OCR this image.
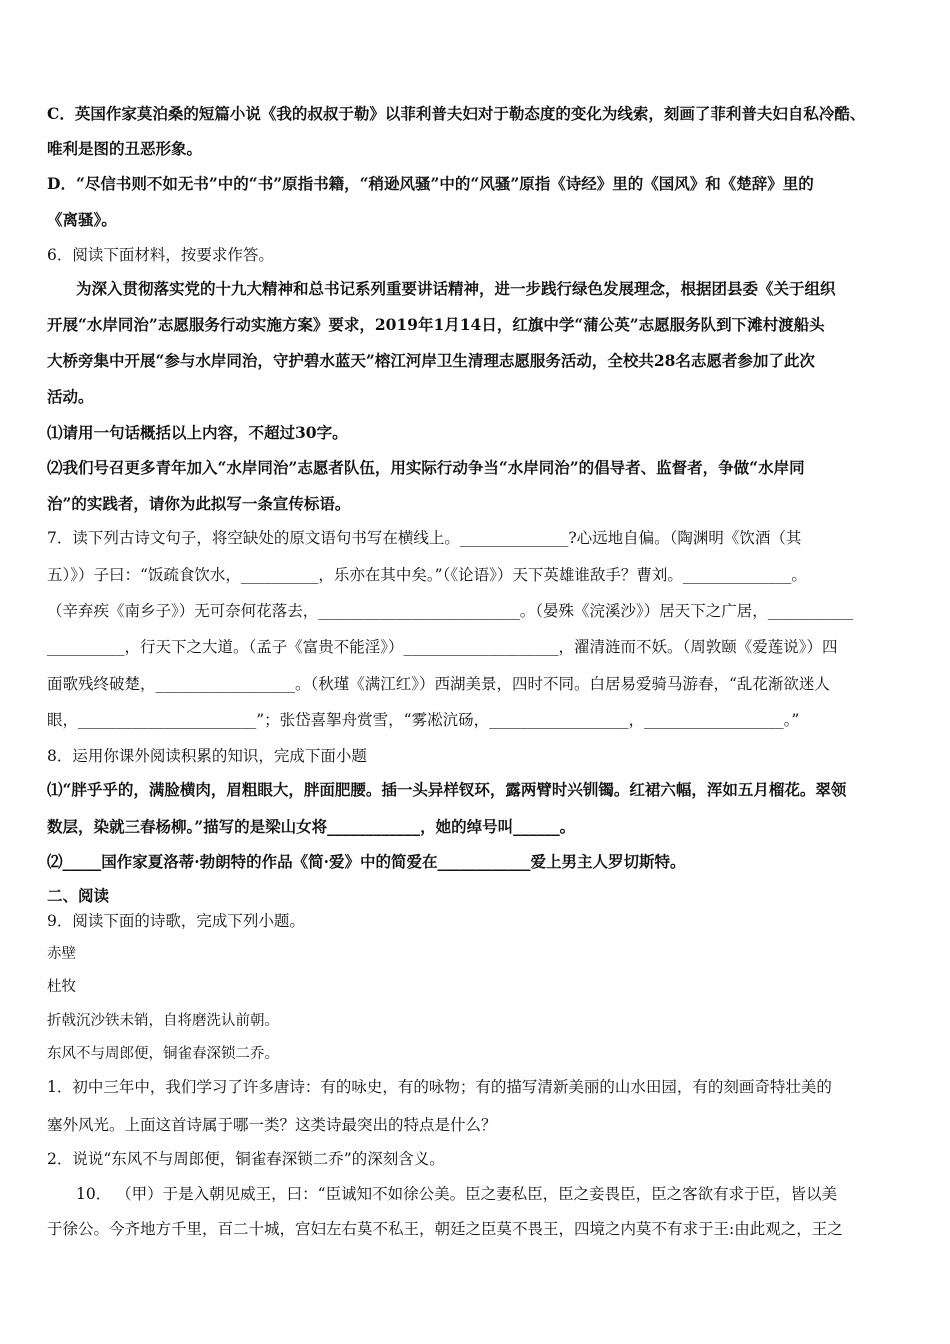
C．英国作家莫泊桑的短篇小说《我的叔叔于勒》以菲利普夫妇对于勒态度的变化为线索，刻画了菲利普夫妇自私冷酷、
唯利是图的丑恶形象。
D．“尽信书则不如无书”中的“书”原指书籍，“稍逊风骚”中的“风骚”原指《诗经》里的《国风》和《楚辞》里的
《离骚》。
6．阅读下面材料，按要求作答。
为深入贯彻落实党的十九大精神和总书记系列重要讲话精神，进一步践行绿色发展理念，根据团县委《关于组织
开展“水岸同治”志愿服务行动实施方案》要求，2019年1月14日，红旗中学“蒲公英”志愿服务队到下滩村渡船头
大桥旁集中开展“参与水岸同治，守护碧水蓝天”榕江河岸卫生清理志愿服务活动，全校共28名志愿者参加了此次
活动。
⑴请用一句话概括以上内容，不超过30字。
⑵我们号召更多青年加入“水岸同治”志愿者队伍，用实际行动争当“水岸同治”的倡导者、监督者，争做“水岸同
治”的实践者，请你为此拟写一条宣传标语。
7．读下列古诗文句子，将空缺处的原文语句书写在横线上。______________?心远地自偏。（陶渊明《饮酒（其
五）》）子曰：“饭疏食饮水，__________，乐亦在其中矣。”（《论语》）天下英雄谁敌手？曹刘。______________。
（辛弃疾《南乡子》）无可奈何花落去，__________________________。（晏殊《浣溪沙》）居天下之广居，___________
__________，行天下之大道。（孟子《富贵不能淫》）____________________，濯清涟而不妖。（周敦颐《爱莲说》）四
面歌残终破楚，__________________。（秋瑾《满江红》）西湖美景，四时不同。白居易爱骑马游春，“乱花渐欲迷人
眼，_______________________”；张岱喜挐舟赏雪，“雾凇沆砀，__________________，__________________。”
8．运用你课外阅读积累的知识，完成下面小题
⑴“胖乎乎的，满脸横肉，眉粗眼大，胖面肥腰。插一头异样钗环，露两臂时兴钏镯。红裙六幅，浑如五月榴花。翠领
数层，染就三春杨柳。”描写的是梁山女将____________，她的绰号叫______。
⑵_____国作家夏洛蒂·勃朗特的作品《简·爱》中的简爱在____________爱上男主人罗切斯特。
二、阅读
9．阅读下面的诗歌，完成下列小题。
赤壁
杜牧
折戟沉沙铁未销，自将磨洗认前朝。
东风不与周郎便，铜雀春深锁二乔。
1．初中三年中，我们学习了许多唐诗：有的咏史，有的咏物；有的描写清新美丽的山水田园，有的刻画奇特壮美的
塞外风光。上面这首诗属于哪一类？这类诗最突出的特点是什么？
2．说说“东风不与周郎便，铜雀春深锁二乔”的深刻含义。
10． （甲）于是入朝见威王，曰：“臣诚知不如徐公美。臣之妻私臣，臣之妾畏臣，臣之客欲有求于臣，皆以美
于徐公。今齐地方千里，百二十城，宫妇左右莫不私王，朝廷之臣莫不畏王，四境之内莫不有求于王:由此观之，王之
